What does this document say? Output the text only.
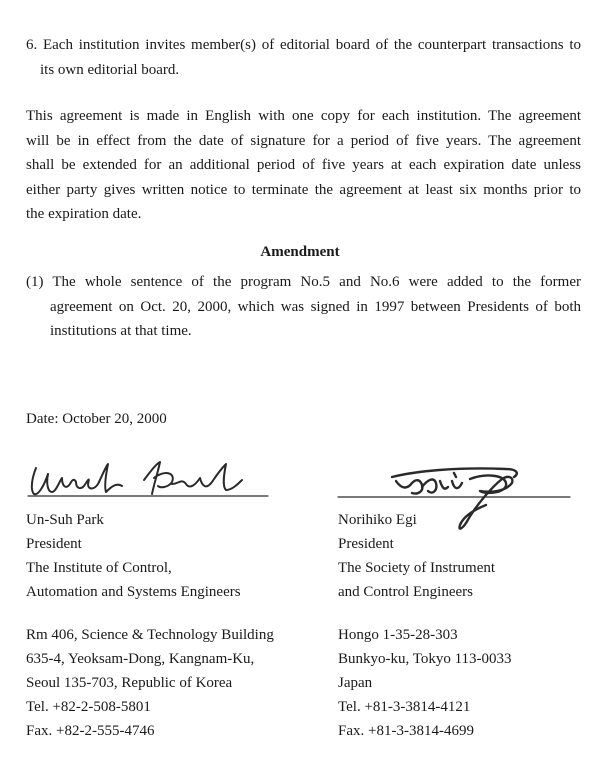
6. Each institution invites member(s) of editorial board of the counterpart transactions to
its own editorial board.

This agreement is made in English with one copy for each institution. The agreement
will be in effect from the date of signature for a period of five years. The agreement
shall be extended for an additional period of five years at each expiration date unless
either party gives written notice to terminate the agreement at least six months prior to
the expiration date.

Amendment

(1) The whole sentence of the program No.5 and No.6 were added to the former
agreement on Oct. 20, 2000, which was signed in 1997 between Presidents of both
institutions at that time.

Date: October 20, 2000

Un-Suh Park
President
The Institute of Control,
Automation and Systems Engineers

Norihiko Egi
President
The Society of Instrument
and Control Engineers

Rm 406, Science & Technology Building
635-4, Yeoksam-Dong, Kangnam-Ku,
Seoul 135-703, Republic of Korea
Tel. +82-2-508-5801
Fax. +82-2-555-4746

Hongo 1-35-28-303
Bunkyo-ku, Tokyo 113-0033
Japan
Tel. +81-3-3814-4121
Fax. +81-3-3814-4699
